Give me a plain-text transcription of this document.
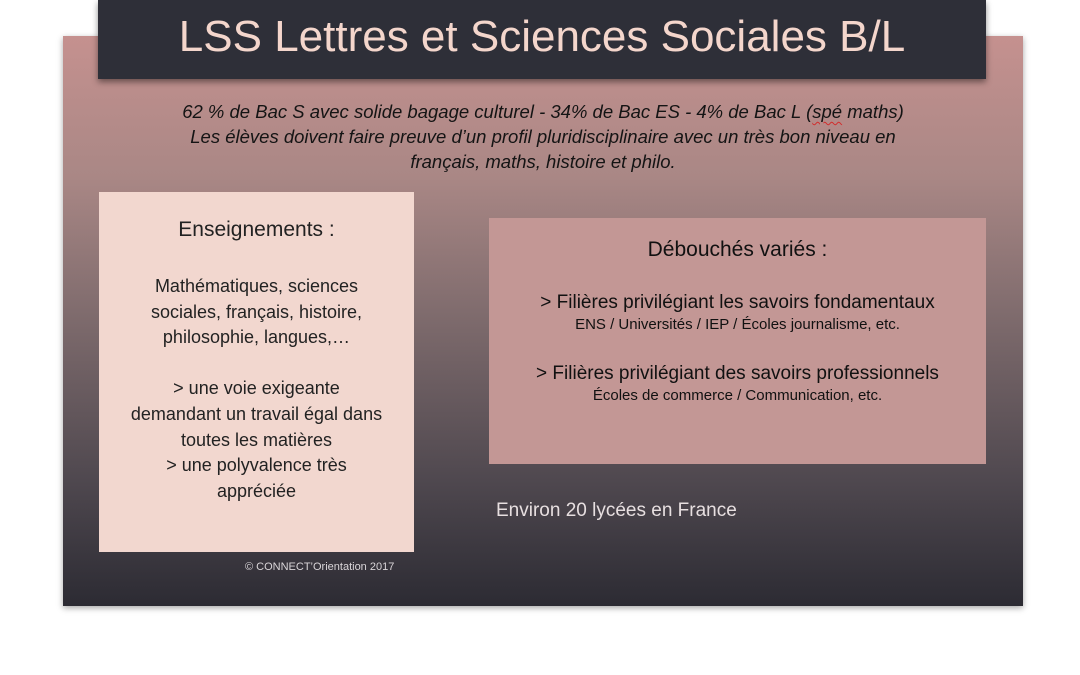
LSS Lettres et Sciences Sociales B/L
62 % de Bac S avec solide bagage culturel - 34% de Bac ES - 4% de Bac L (spé maths)
Les élèves doivent faire preuve d’un profil pluridisciplinaire avec un très bon niveau en
français, maths, histoire et philo.
Enseignements :
Mathématiques, sciences
sociales, français, histoire,
philosophie, langues,…
> une voie exigeante
demandant un travail égal dans
toutes les matières
> une polyvalence très
appréciée
© CONNECT’Orientation 2017
Débouchés variés :
> Filières privilégiant les savoirs fondamentaux
ENS / Universités / IEP / Écoles journalisme, etc.
> Filières privilégiant des savoirs professionnels
Écoles de commerce / Communication, etc.
Environ 20 lycées en France
